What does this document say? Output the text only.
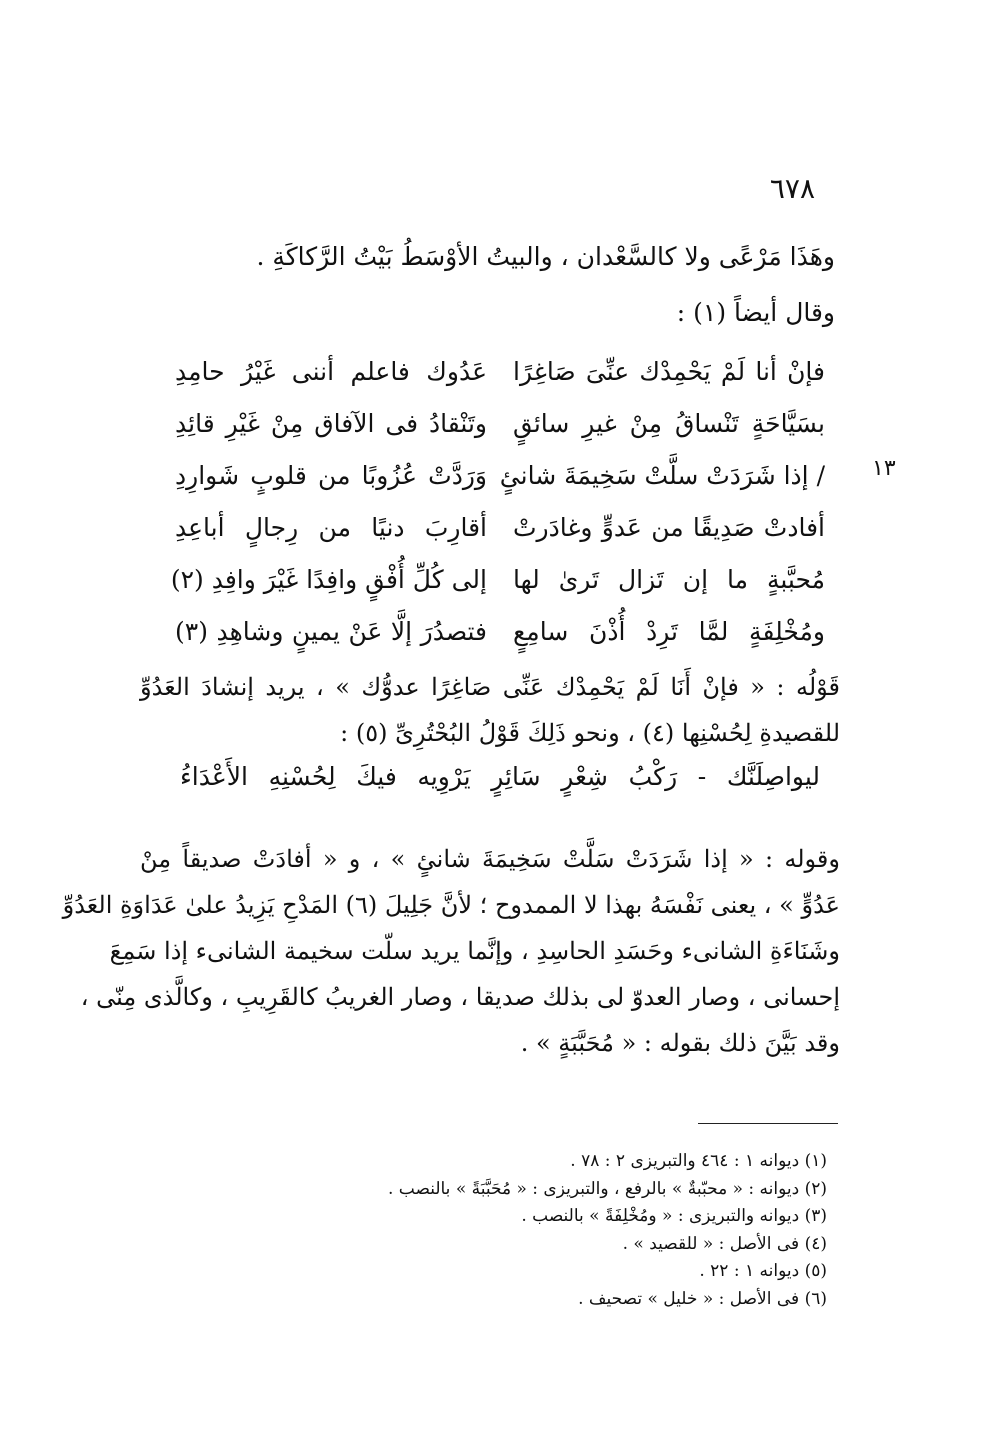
٦٧٨
١٣
وهَذَا مَرْعًى ولا كالسَّعْدان ، والبيتُ الأوْسَطُ بَيْتُ الرَّكاكَةِ .
وقال أيضاً (١) :
فإنْ أنا لَمْ يَحْمِدْك عنِّىَ صَاغِرًا
عَدُوك فاعلم أننى غَيْرُ حامِدِ
بسَيَّاحَةٍ تَنْساقُ مِنْ غيرِ سائقٍ
وتَنْقادُ فى الآفاق مِنْ غَيْرِ قائِدِ
/ إذا شَرَدَتْ سلَّتْ سَخِيمَةَ شانئٍ
وَرَدَّتْ عُزُوبًا من قلوبٍ شَوارِدِ
أفادتْ صَدِيقًا من عَدوٍّ وغادَرتْ
أقارِبَ دنيًا من رِجالٍ أباعِدِ
مُحبَّبةٍ ما إن تَزال تَرىٰ لها
إلى كُلِّ أُفْقٍ وافِدًا غَيْرَ وافِدِ (٢)
ومُخْلِفَةٍ لمَّا تَرِدْ أُذْنَ سامِعٍ
فتصدُرَ إلَّا عَنْ يمينٍ وشاهِدِ (٣)
قَوْلُه : « فإنْ أَنَا لَمْ يَحْمِدْك عَنِّى صَاغِرًا عدوُّك » ، يريد إنشادَ العَدُوِّ
للقصيدةِ لِحُسْنِها (٤) ، ونحو ذَلِكَ قَوْلُ البُحْتُرِىِّ (٥) :
ليواصِلَنَّك - رَكْبُ شِعْرٍ سَائِرٍ يَرْوِيه فيكَ لِحُسْنِهِ الأَعْدَاءُ
وقوله : « إذا شَرَدَتْ سَلَّتْ سَخِيمَةَ شانئٍ » ، و « أفادَتْ صديقاً مِنْ
عَدُوٍّ » ، يعنى نَفْسَهُ بهذا لا الممدوح ؛ لأنَّ جَلِيلَ (٦) المَدْحِ يَزِيدُ علىٰ عَدَاوَةِ العَدُوِّ
وشَنَاءَةِ الشانىء وحَسَدِ الحاسِدِ ، وإنَّما يريد سلّت سخيمة الشانىء إذا سَمِعَ
إحسانى ، وصار العدوّ لى بذلك صديقا ، وصار الغريبُ كالقَرِيبِ ، وكالَّذى مِنّى ،
وقد بَيَّنَ ذلك بقوله : « مُحَبَّبَةٍ » .
(١) ديوانه ١ : ٤٦٤ والتبريزى ٢ : ٧٨ .
(٢) ديوانه : « محبّبةٌ » بالرفع ، والتبريزى : « مُحَبَّبَةً » بالنصب .
(٣) ديوانه والتبريزى : « ومُخْلِفَةً » بالنصب .
(٤) فى الأصل : « للقصيد » .
(٥) ديوانه ١ : ٢٢ .
(٦) فى الأصل : « خليل » تصحيف .
